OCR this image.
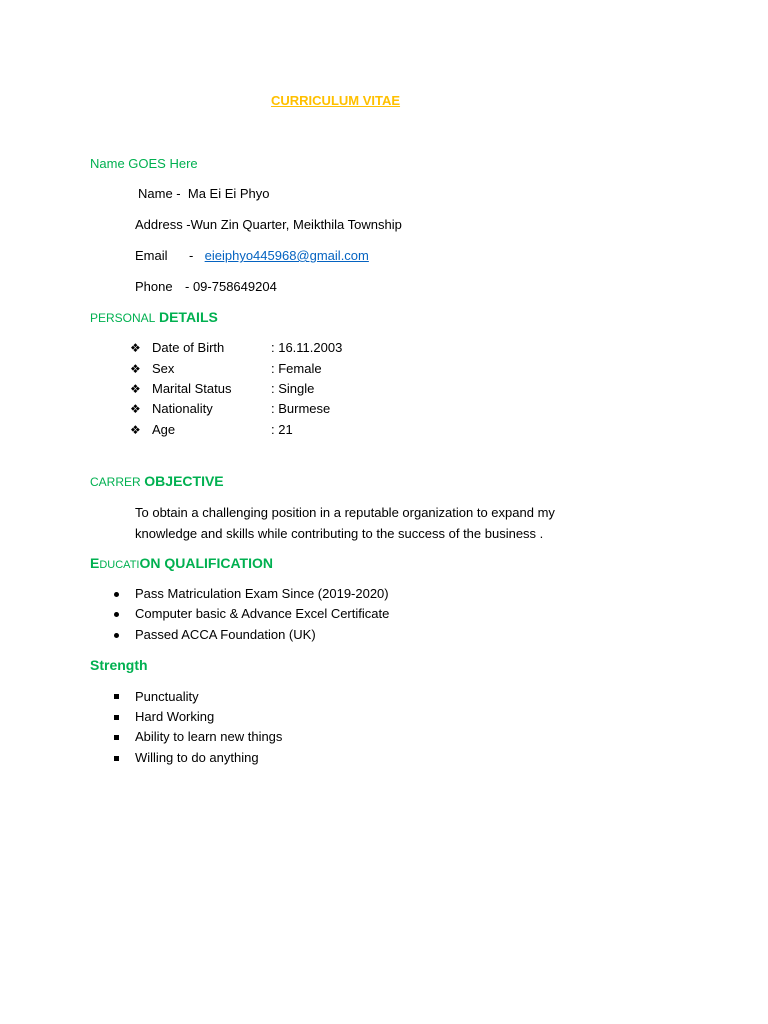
CURRICULUM VITAE
Name GOES Here
Name - Ma Ei Ei Phyo
Address -Wun Zin Quarter, Meikthila Township
Email - eieiphyo445968@gmail.com
Phone - 09-758649204
PERSONAL DETAILS
❖ Date of Birth	: 16.11.2003
❖ Sex	: Female
❖ Marital Status	: Single
❖ Nationality	: Burmese
❖ Age	: 21
CARRER OBJECTIVE
To obtain a challenging position in a reputable organization to expand my
knowledge and skills while contributing to the success of the business .
EDUCATION QUALIFICATION
Pass Matriculation Exam Since (2019-2020)
Computer basic & Advance Excel Certificate
Passed ACCA Foundation (UK)
Strength
Punctuality
Hard Working
Ability to learn new things
Willing to do anything
